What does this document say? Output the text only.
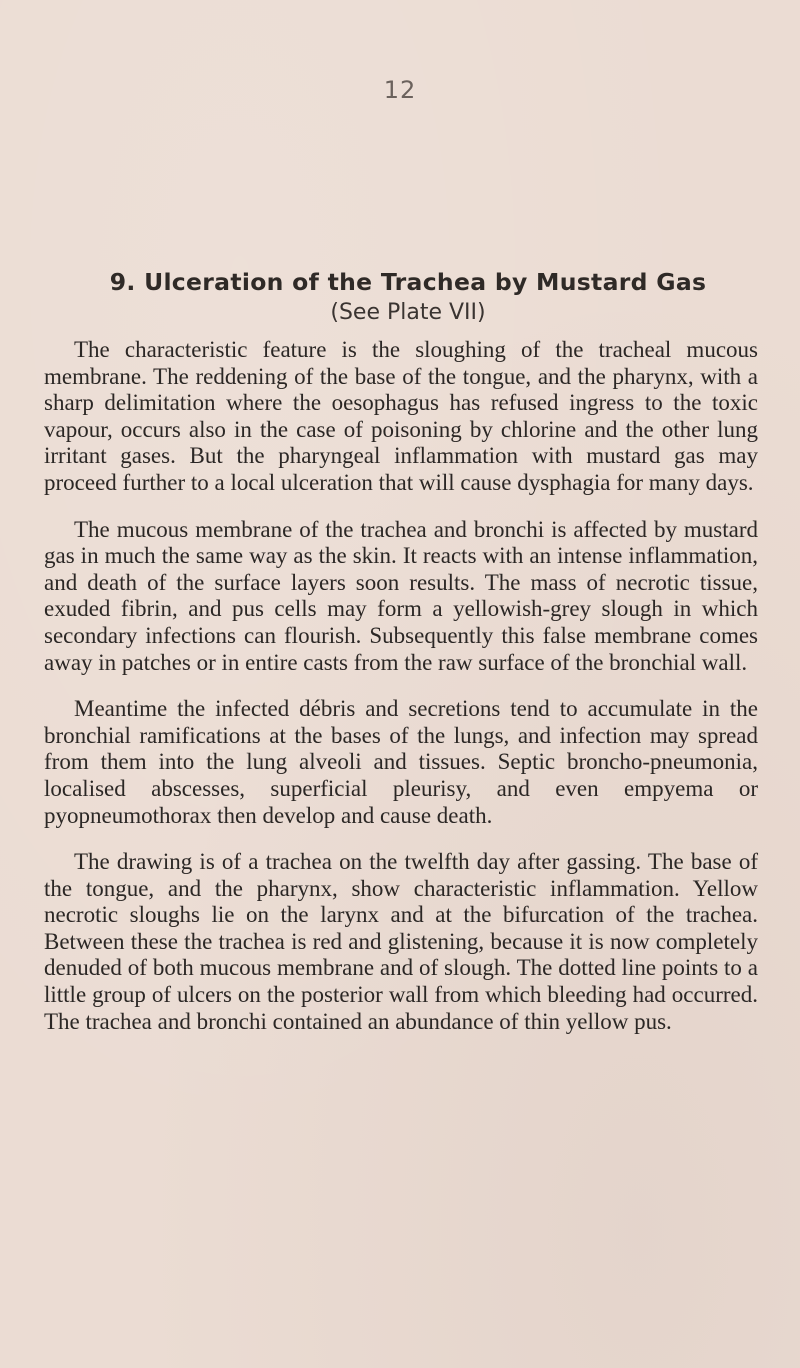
12
9. Ulceration of the Trachea by Mustard Gas
(See Plate VII)

The characteristic feature is the sloughing of the tracheal mucous membrane. The reddening of the base of the tongue, and the pharynx, with a sharp delimitation where the oesophagus has refused ingress to the toxic vapour, occurs also in the case of poisoning by chlorine and the other lung irritant gases. But the pharyngeal inflammation with mustard gas may proceed further to a local ulceration that will cause dysphagia for many days.

The mucous membrane of the trachea and bronchi is affected by mustard gas in much the same way as the skin. It reacts with an intense inflammation, and death of the surface layers soon results. The mass of necrotic tissue, exuded fibrin, and pus cells may form a yellowish-grey slough in which secondary infections can flourish. Subsequently this false membrane comes away in patches or in entire casts from the raw surface of the bronchial wall.

Meantime the infected débris and secretions tend to accumulate in the bronchial ramifications at the bases of the lungs, and infection may spread from them into the lung alveoli and tissues. Septic broncho-pneumonia, localised abscesses, superficial pleurisy, and even empyema or pyopneumothorax then develop and cause death.

The drawing is of a trachea on the twelfth day after gassing. The base of the tongue, and the pharynx, show characteristic inflammation. Yellow necrotic sloughs lie on the larynx and at the bifurcation of the trachea. Between these the trachea is red and glistening, because it is now completely denuded of both mucous membrane and of slough. The dotted line points to a little group of ulcers on the posterior wall from which bleeding had occurred. The trachea and bronchi contained an abundance of thin yellow pus.
